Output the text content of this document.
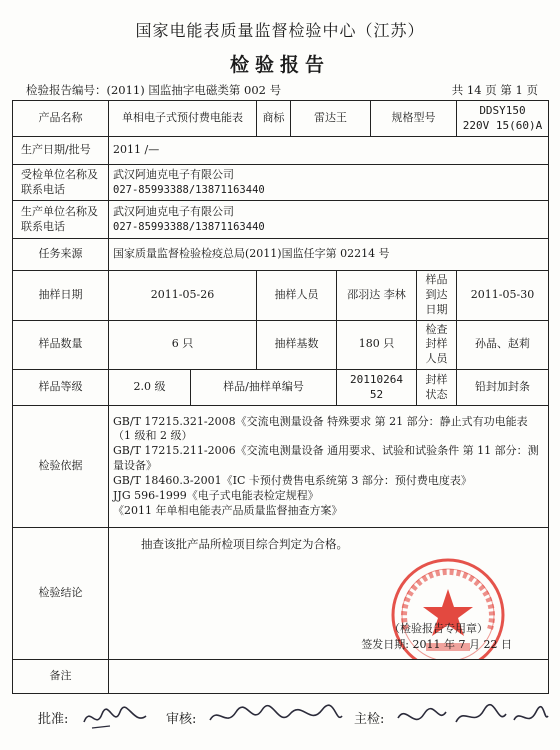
国家电能表质量监督检验中心（江苏）
检验报告
检验报告编号：(2011) 国监抽字电磁类第 002 号	共 14 页 第 1 页
产品名称	单相电子式预付费电能表		商标	雷达王		规格型号		DDSY150
220V 15(60)A

生产日期/批号	2011 /—							
受检单位名称及联系电话	武汉阿迪克电子有限公司
027-85993388/13871163440							

生产单位名称及联系电话	武汉阿迪克电子有限公司
027-85993388/13871163440							

任务来源	国家质量监督检验检疫总局(2011)国监任字第 02214 号							
抽样日期	2011-05-26		抽样人员		邵羽达 李林		样品到达日期	2011-05-30
样品数量	6 只		抽样基数		180 只		检查封样人员	孙晶、赵莉
样品等级	2.0 级	样品/抽样单编号			20110264 52		封样状态	铅封加封条
检验依据	GB/T 17215.321-2008《交流电测量设备 特殊要求 第 21 部分：静止式有功电能表（1 级和 2 级）
GB/T 17215.211-2006《交流电测量设备 通用要求、试验和试验条件 第 11 部分：测量设备》
GB/T 18460.3-2001《IC 卡预付费售电系统第 3 部分：预付费电度表》
JJG 596-1999《电子式电能表检定规程》
《2011 年单相电能表产品质量监督抽查方案》							

检验结论	抽查该批产品所检项目综合判定为合格。
（检验报告专用章）
签发日期: 2011 年 7 月 22 日							

备注								
批准:	审核:	主检:
